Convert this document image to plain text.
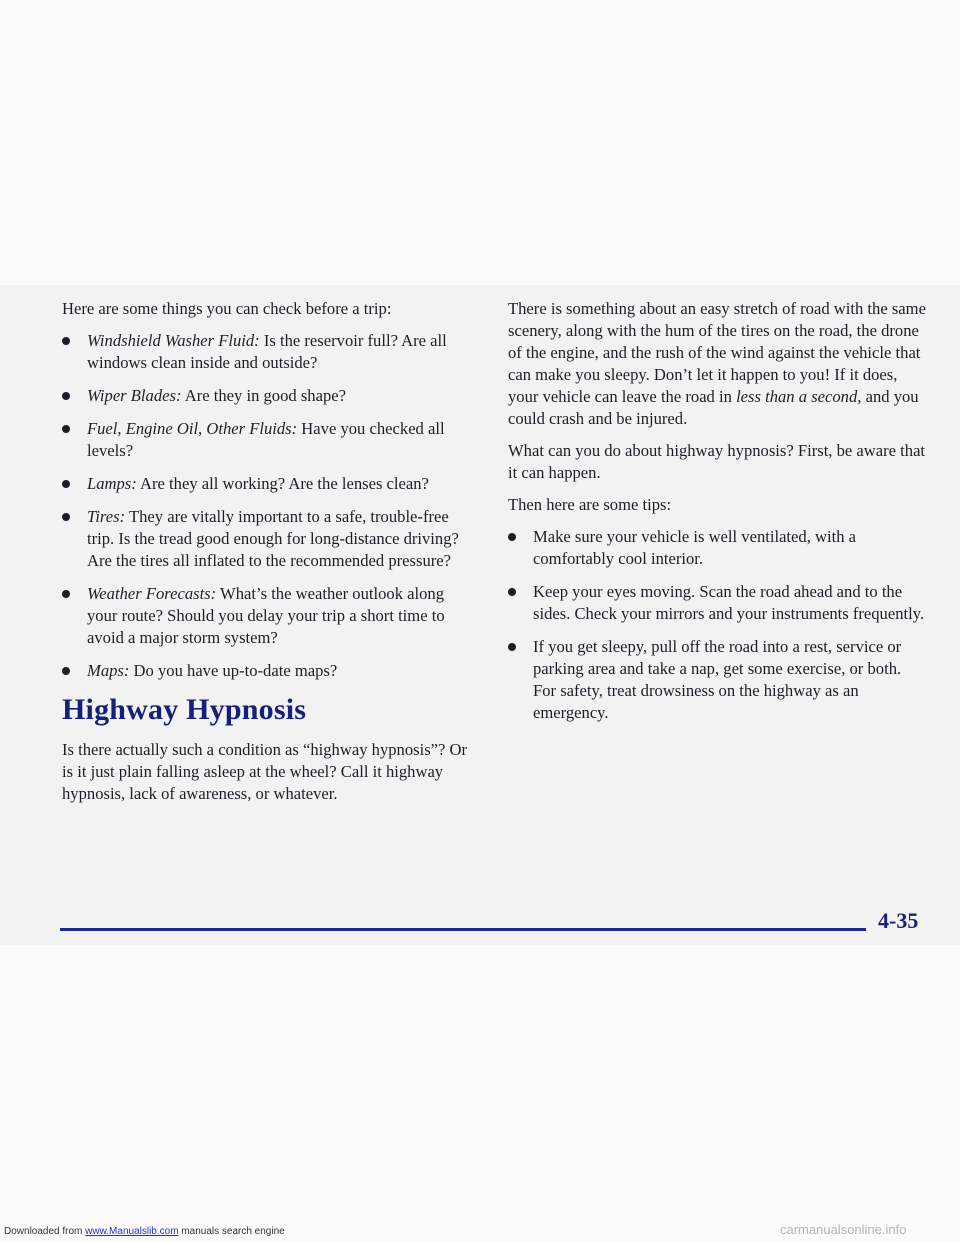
Here are some things you can check before a trip:

Windshield Washer Fluid: Is the reservoir full? Are all windows clean inside and outside?
Wiper Blades: Are they in good shape?
Fuel, Engine Oil, Other Fluids: Have you checked all levels?
Lamps: Are they all working? Are the lenses clean?
Tires: They are vitally important to a safe, trouble-free trip. Is the tread good enough for long-distance driving? Are the tires all inflated to the recommended pressure?
Weather Forecasts: What’s the weather outlook along your route? Should you delay your trip a short time to avoid a major storm system?
Maps: Do you have up-to-date maps?
Highway Hypnosis

Is there actually such a condition as “highway hypnosis”? Or is it just plain falling asleep at the wheel? Call it highway hypnosis, lack of awareness, or whatever.

There is something about an easy stretch of road with the same scenery, along with the hum of the tires on the road, the drone of the engine, and the rush of the wind against the vehicle that can make you sleepy. Don’t let it happen to you! If it does, your vehicle can leave the road in less than a second, and you could crash and be injured.

What can you do about highway hypnosis? First, be aware that it can happen.

Then here are some tips:

Make sure your vehicle is well ventilated, with a comfortably cool interior.
Keep your eyes moving. Scan the road ahead and to the sides. Check your mirrors and your instruments frequently.
If you get sleepy, pull off the road into a rest, service or parking area and take a nap, get some exercise, or both. For safety, treat drowsiness on the highway as an emergency.
4-35
Downloaded from www.Manualslib.com manuals search engine	carmanualsonline.info
